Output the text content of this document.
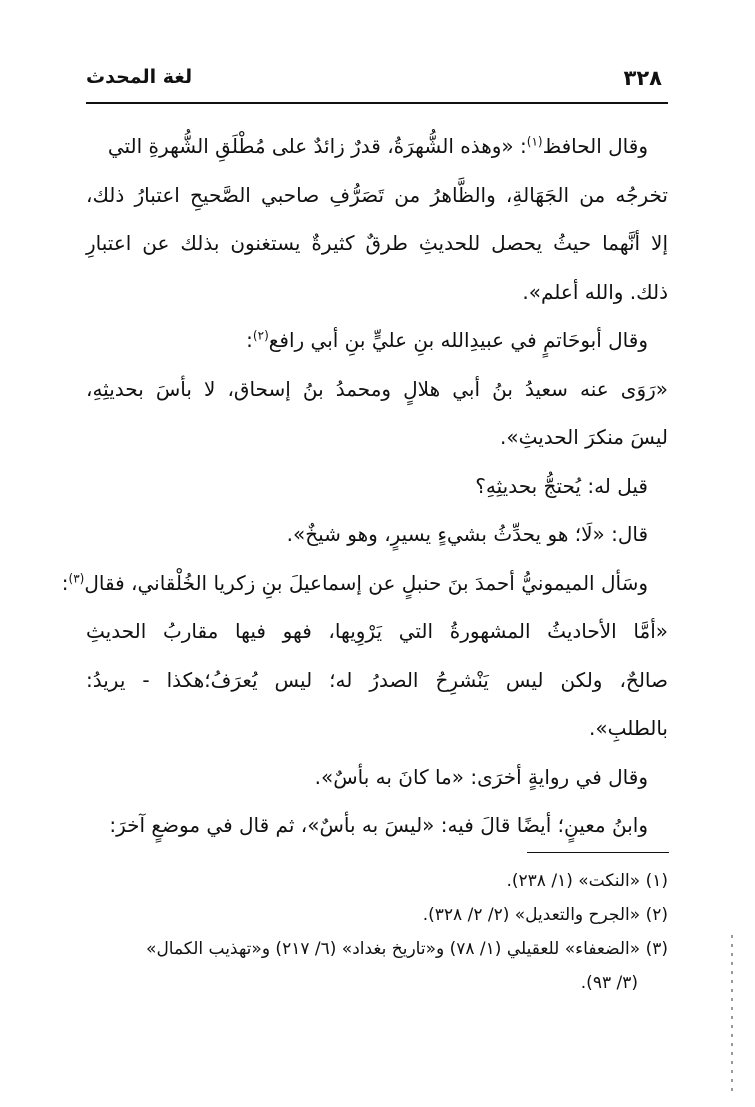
٣٢٨
لغة المحدث
وقال الحافظ$^{(١)}$: «وهذه الشُّهرَةُ، قدرٌ زائدٌ على مُطْلَقِ الشُّهرةِ التي
تخرجُه من الجَهَالةِ، والظَّاهرُ من تَصَرُّفِ صاحبي الصَّحيحِ اعتبارُ ذلك،
إلا أنَّهما حيثُ يحصل للحديثِ طرقٌ كثيرةٌ يستغنون بذلك عن اعتبارِ
ذلك. والله أعلم».
وقال أبوحَاتمٍ في عبيدِالله بنِ عليٍّ بنِ أبي رافع$^{(٢)}$:
«رَوَى عنه سعيدُ بنُ أبي هلالٍ ومحمدُ بنُ إسحاق، لا بأسَ بحديثِهِ،
ليسَ منكرَ الحديثِ».
قيل له: يُحتجُّ بحديثِهِ؟
قال: «لَا؛ هو يحدِّثُ بشيءٍ يسيرٍ، وهو شيخٌ».
وسَأل الميمونيُّ أحمدَ بنَ حنبلٍ عن إسماعيلَ بنِ زكريا الخُلْقاني، فقال$^{(٣)}$:
«أمَّا الأحاديثُ المشهورةُ التي يَرْوِيها، فهو فيها مقاربُ الحديثِ
صالحٌ، ولكن ليس يَنْشرِحُ الصدرُ له؛ ليس يُعرَفُ؛هكذا - يريدُ:
بالطلبِ».
وقال في روايةٍ أخرَى: «ما كانَ به بأسٌ».
وابنُ معينٍ؛ أيضًا قالَ فيه: «ليسَ به بأسٌ»، ثم قال في موضعٍ آخرَ:
(١) «النكت» (١/ ٢٣٨).
(٢) «الجرح والتعديل» (٢/ ٢/ ٣٢٨).
(٣) «الضعفاء» للعقيلي (١/ ٧٨) و«تاريخ بغداد» (٦/ ٢١٧) و«تهذيب الكمال»
(٣/ ٩٣).
